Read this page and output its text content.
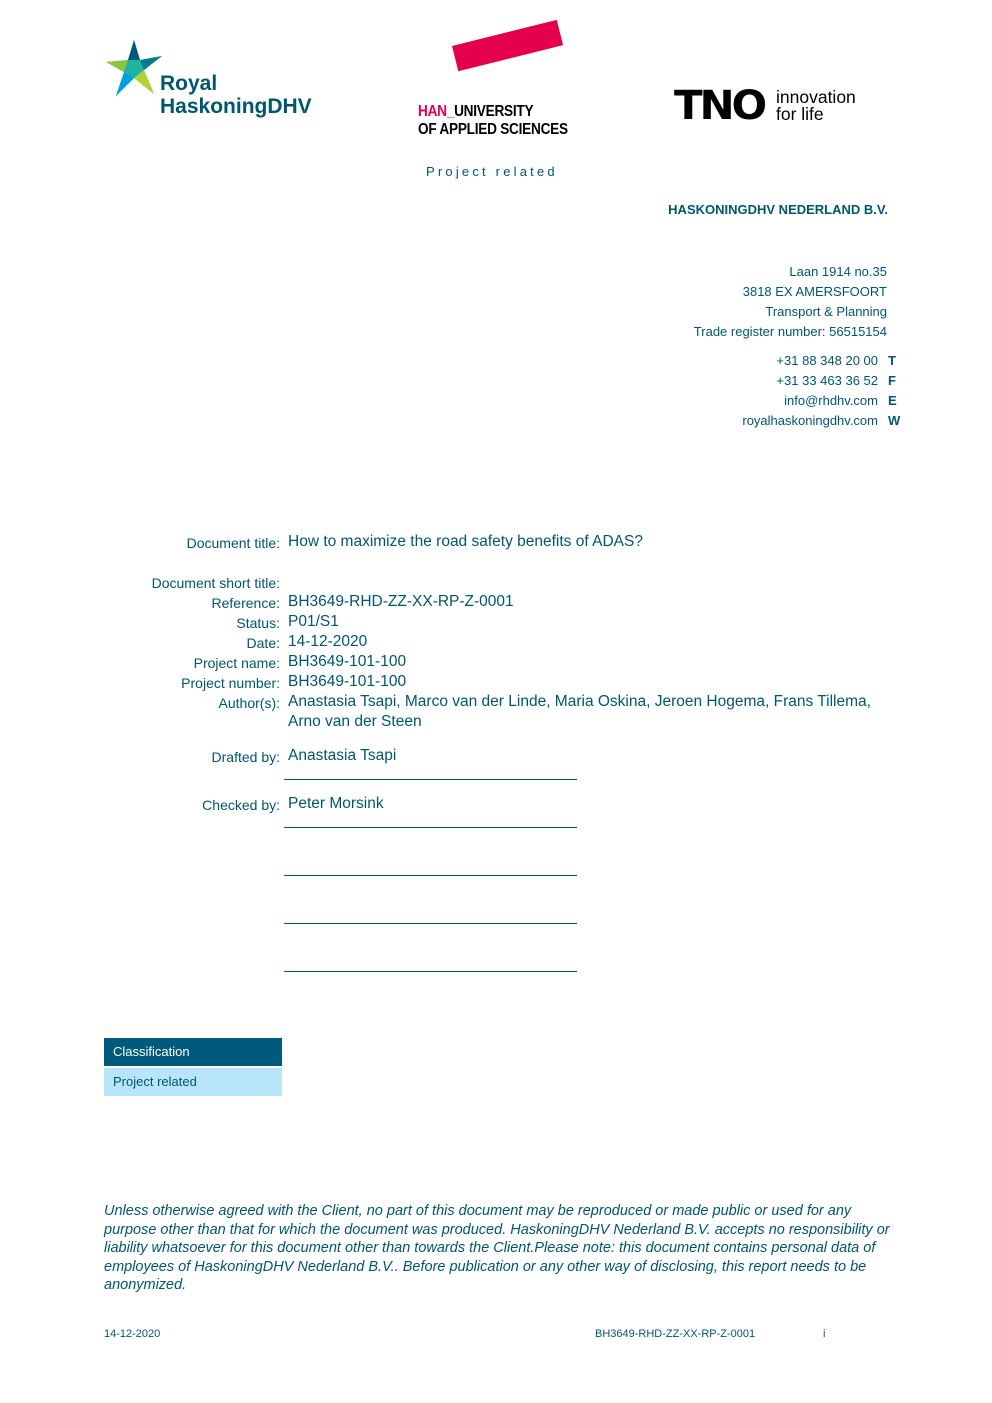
Royal
HaskoningDHV	HAN_UNIVERSITY
OF APPLIED SCIENCES
TNO innovation
for life
Project related
HASKONINGDHV NEDERLAND B.V.
Laan 1914 no.35
3818 EX AMERSFOORT
Transport & Planning
Trade register number: 56515154
+31 88 348 20 00 T
+31 33 463 36 52 F
info@rhdhv.com E
royalhaskoningdhv.com W
Document title: How to maximize the road safety benefits of ADAS?
Document short title:
Reference: BH3649-RHD-ZZ-XX-RP-Z-0001
Status: P01/S1
Date: 14-12-2020
Project name: BH3649-101-100
Project number: BH3649-101-100
Author(s): Anastasia Tsapi, Marco van der Linde, Maria Oskina, Jeroen Hogema, Frans Tillema, Arno van der Steen
Drafted by: Anastasia Tsapi
Checked by: Peter Morsink
Classification
Project related
Unless otherwise agreed with the Client, no part of this document may be reproduced or made public or used for any purpose other than that for which the document was produced. HaskoningDHV Nederland B.V. accepts no responsibility or liability whatsoever for this document other than towards the Client.Please note: this document contains personal data of employees of HaskoningDHV Nederland B.V.. Before publication or any other way of disclosing, this report needs to be anonymized.
14-12-2020	BH3649-RHD-ZZ-XX-RP-Z-0001	i
